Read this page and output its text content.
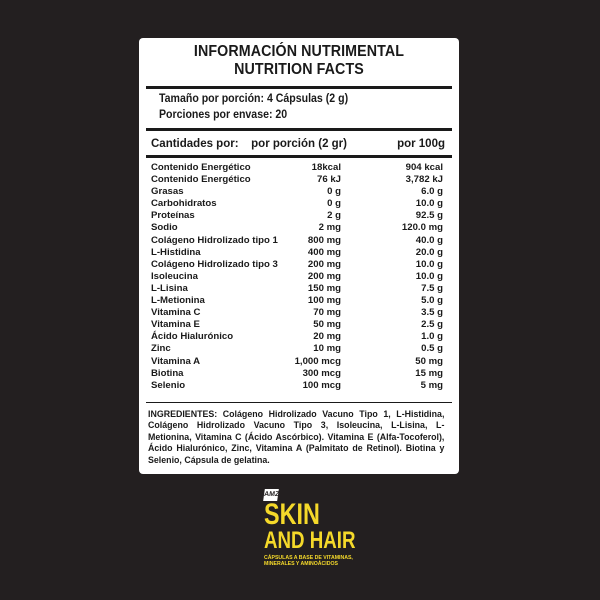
INFORMACIÓN NUTRIMENTAL
NUTRITION FACTS
Tamaño por porción: 4 Cápsulas (2 g)
Porciones por envase: 20
Cantidades por: por porción (2 gr)	por 100g
Contenido Energético	18kcal	904 kcal
Contenido Energético	76 kJ	3,782 kJ
Grasas	0 g	6.0 g
Carbohidratos	0 g	10.0 g
Proteínas	2 g	92.5 g
Sodio	2 mg	120.0 mg
Colágeno Hidrolizado tipo 1	800 mg	40.0 g
L-Histidina	400 mg	20.0 g
Colágeno Hidrolizado tipo 3	200 mg	10.0 g
Isoleucina	200 mg	10.0 g
L-Lisina	150 mg	7.5 g
L-Metionina	100 mg	5.0 g
Vitamina C	70 mg	3.5 g
Vitamina E	50 mg	2.5 g
Ácido Hialurónico	20 mg	1.0 g
Zinc	10 mg	0.5 g
Vitamina A	1,000 mcg	50 mg
Biotina	300 mcg	15 mg
Selenio	100 mcg	5 mg
INGREDIENTES: Colágeno Hidrolizado Vacuno Tipo 1, L-Histidina, Colágeno Hidrolizado Vacuno Tipo 3, Isoleucina, L-Lisina, L-Metionina, Vitamina C (Ácido Ascórbico). Vitamina E (Alfa-Tocoferol), Ácido Hialurónico, Zinc, Vitamina A (Palmitato de Retinol). Biotina y Selenio, Cápsula de gelatina.
AMZ
SKIN
AND HAIR
CÁPSULAS A BASE DE VITAMINAS, MINERALES Y AMINOÁCIDOS
